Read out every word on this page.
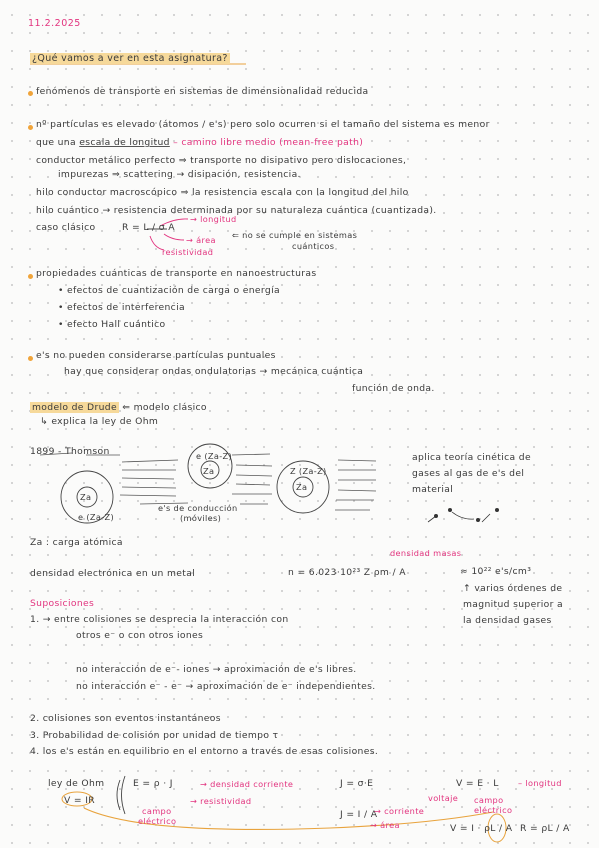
11.2.2025
¿Qué vamos a ver en esta asignatura?
fenómenos de transporte en sistemas de dimensionalidad reducida
nº partículas es elevado (átomos / e's) pero solo ocurren si el tamaño del sistema es menor
que una escala de longitud – camino libre medio (mean-free path)
conductor metálico perfecto ⇒ transporte no disipativo pero dislocaciones,
impurezas ⇒ scattering → disipación, resistencia.
hilo conductor macroscópico ⇒ la resistencia escala con la longitud del hilo
hilo cuántico → resistencia determinada por su naturaleza cuántica (cuantizada).
caso clásico	R = L / σ A
→ longitud
→ área
resistividad
⇐ no se cumple en sistemas
cuánticos
propiedades cuánticas de transporte en nanoestructuras
• efectos de cuantización de carga o energía
• efectos de interferencia
• efecto Hall cuántico
e's no pueden considerarse partículas puntuales
hay que considerar ondas ondulatorias → mecánica cuántica
función de onda.
modelo de Drude ⇐ modelo clásico
↳ explica la ley de Ohm
1899 - Thomson
aplica teoría cinética de
gases al gas de e's del
material
Za
Za
Za
e (Za-Z)
e (Za-Z)
Z (Za-Z)
e's de conducción
(móviles)
Za : carga atómica
densidad electrónica en un metal	n = 6.023·10²³ Z ρm / A	≈ 10²² e's/cm³
densidad masas
↑ varios órdenes de
magnitud superior a
la densidad gases
Suposiciones
1. → entre colisiones se desprecia la interacción con
otros e⁻ o con otros iones
no interacción de e⁻- iones → aproximación de e's libres.
no interacción e⁻ - e⁻ → aproximación de e⁻ independientes.
2. colisiones son eventos instantáneos
3. Probabilidad de colisión por unidad de tiempo τ
4. los e's están en equilibrio en el entorno a través de esas colisiones.
ley de Ohm
V = IR
E = ρ · J	→ densidad corriente
→ resistividad
campo
eléctrico
J = σ·E
J = I / A
→ corriente
→ área
V = E · L – longitud
voltaje campo
eléctrico
V = I · ρL / A R = ρL / A
